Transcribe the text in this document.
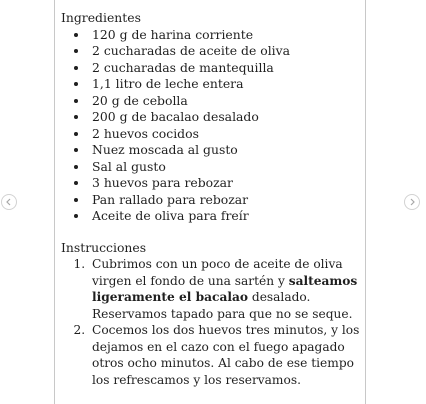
Ingredientes

• 120 g de harina corriente
• 2 cucharadas de aceite de oliva
• 2 cucharadas de mantequilla
• 1,1 litro de leche entera
• 20 g de cebolla
• 200 g de bacalao desalado
• 2 huevos cocidos
• Nuez moscada al gusto
• Sal al gusto
• 3 huevos para rebozar
• Pan rallado para rebozar
• Aceite de oliva para freír

Instrucciones

1. Cubrimos con un poco de aceite de oliva virgen el fondo de una sartén y salteamos ligeramente el bacalao desalado. Reservamos tapado para que no se seque.
2. Cocemos los dos huevos tres minutos, y los dejamos en el cazo con el fuego apagado otros ocho minutos. Al cabo de ese tiempo los refrescamos y los reservamos.
